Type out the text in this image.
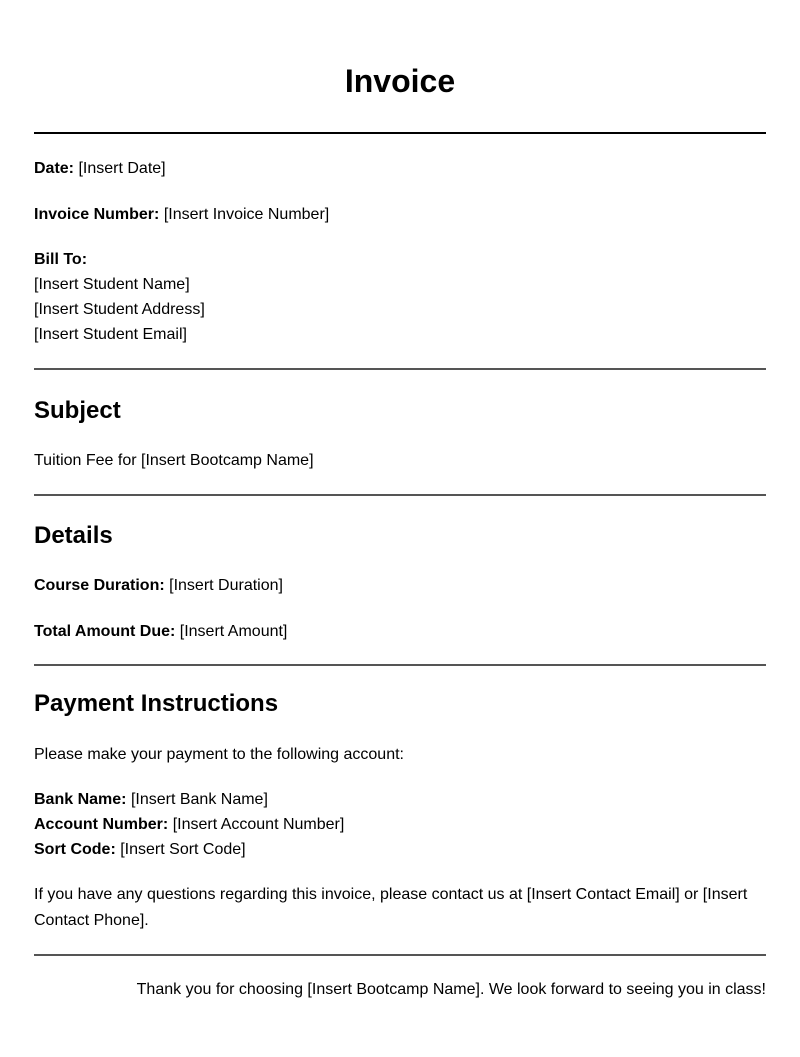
Invoice

Date: [Insert Date]

Invoice Number: [Insert Invoice Number]

Bill To:

[Insert Student Name]

[Insert Student Address]

[Insert Student Email]

Subject

Tuition Fee for [Insert Bootcamp Name]

Details

Course Duration: [Insert Duration]

Total Amount Due: [Insert Amount]

Payment Instructions

Please make your payment to the following account:

Bank Name: [Insert Bank Name]

Account Number: [Insert Account Number]

Sort Code: [Insert Sort Code]

If you have any questions regarding this invoice, please contact us at [Insert Contact Email] or [Insert Contact Phone].

Thank you for choosing [Insert Bootcamp Name]. We look forward to seeing you in class!
